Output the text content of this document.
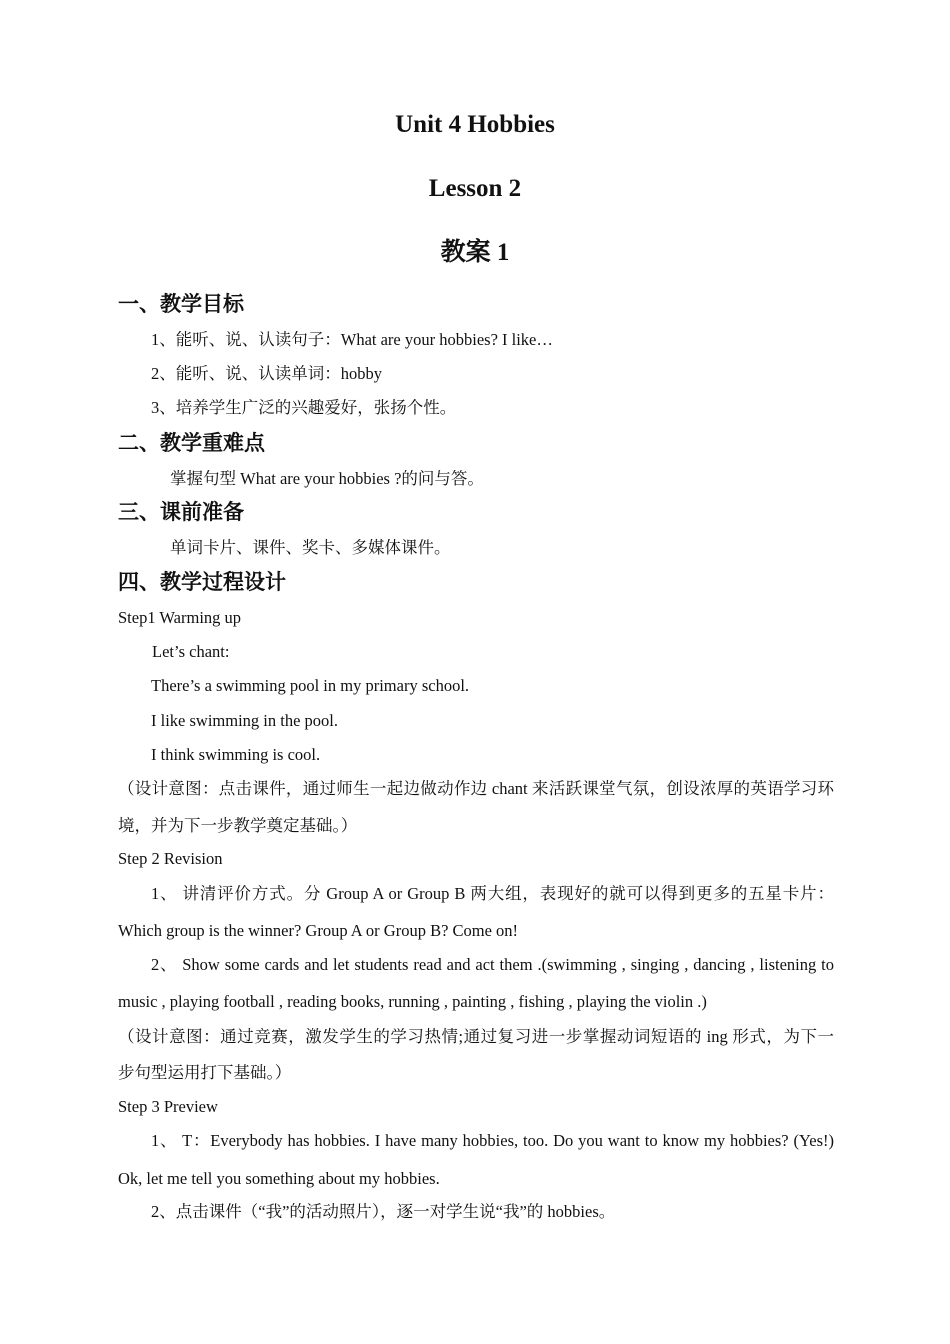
Unit 4 Hobbies
Lesson 2
教案 1
一、教学目标
1、能听、说、认读句子：What are your hobbies? I like…
2、能听、说、认读单词：hobby
3、培养学生广泛的兴趣爱好，张扬个性。
二、教学重难点
掌握句型 What are your hobbies ?的问与答。
三、课前准备
单词卡片、课件、奖卡、多媒体课件。
四、教学过程设计
Step1 Warming up
Let’s chant:
There’s a swimming pool in my primary school.
I like swimming in the pool.
I think swimming is cool.
（设计意图：点击课件，通过师生一起边做动作边 chant 来活跃课堂气氛，创设浓厚的英语学习环
境，并为下一步教学奠定基础。）
Step 2 Revision
1、 讲清评价方式。分 Group A or Group B 两大组，表现好的就可以得到更多的五星卡片：
Which group is the winner? Group A or Group B? Come on!
2、 Show some cards and let students read and act them .(swimming , singing , dancing , listening to
music , playing football , reading books, running , painting , fishing , playing the violin .)
（设计意图：通过竞赛，激发学生的学习热情;通过复习进一步掌握动词短语的 ing 形式，为下一
步句型运用打下基础。）
Step 3 Preview
1、 T：Everybody has hobbies. I have many hobbies, too. Do you want to know my hobbies? (Yes!)
Ok, let me tell you something about my hobbies.
2、点击课件（“我”的活动照片），逐一对学生说“我”的 hobbies。
